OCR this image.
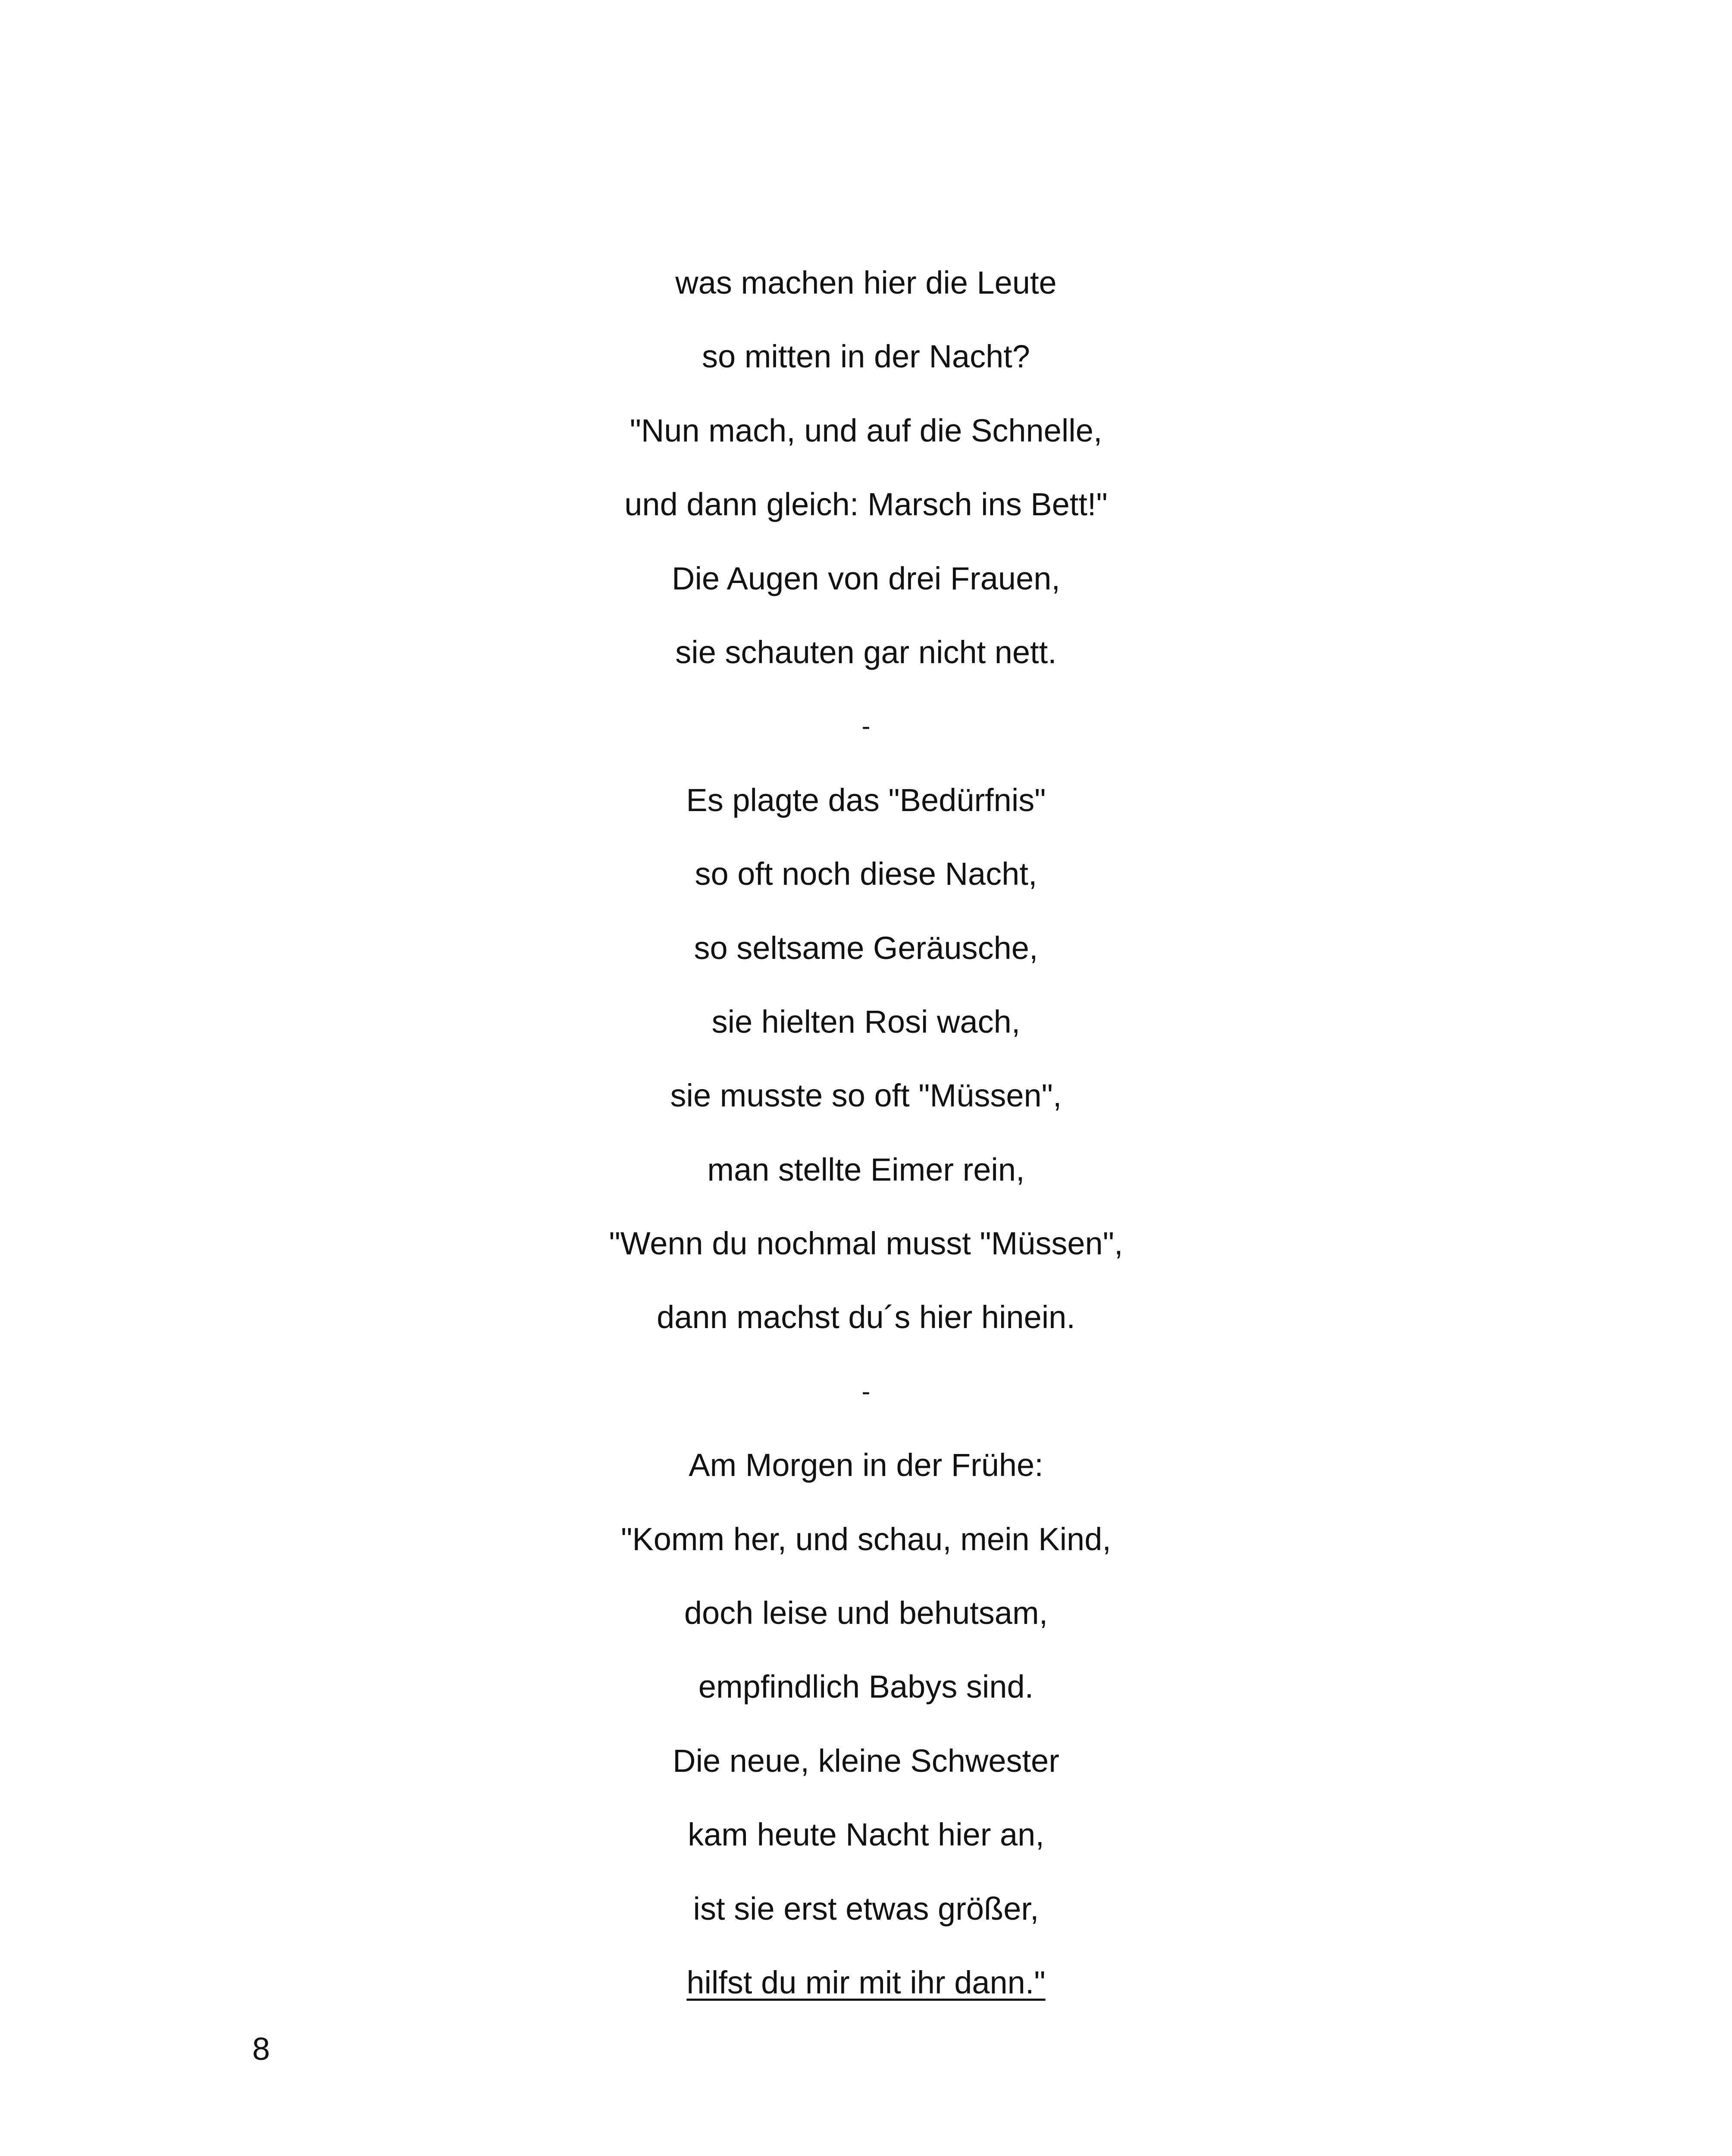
was machen hier die Leute
so mitten in der Nacht?
"Nun mach, und auf die Schnelle,
und dann gleich: Marsch ins Bett!"
Die Augen von drei Frauen,
sie schauten gar nicht nett.
-
Es plagte das "Bedürfnis"
so oft noch diese Nacht,
so seltsame Geräusche,
sie hielten Rosi wach,
sie musste so oft "Müssen",
man stellte Eimer rein,
"Wenn du nochmal musst "Müssen",
dann machst du´s hier hinein.
-
Am Morgen in der Frühe:
"Komm her, und schau, mein Kind,
doch leise und behutsam,
empfindlich Babys sind.
Die neue, kleine Schwester
kam heute Nacht hier an,
ist sie erst etwas größer,
hilfst du mir mit ihr dann."
8
